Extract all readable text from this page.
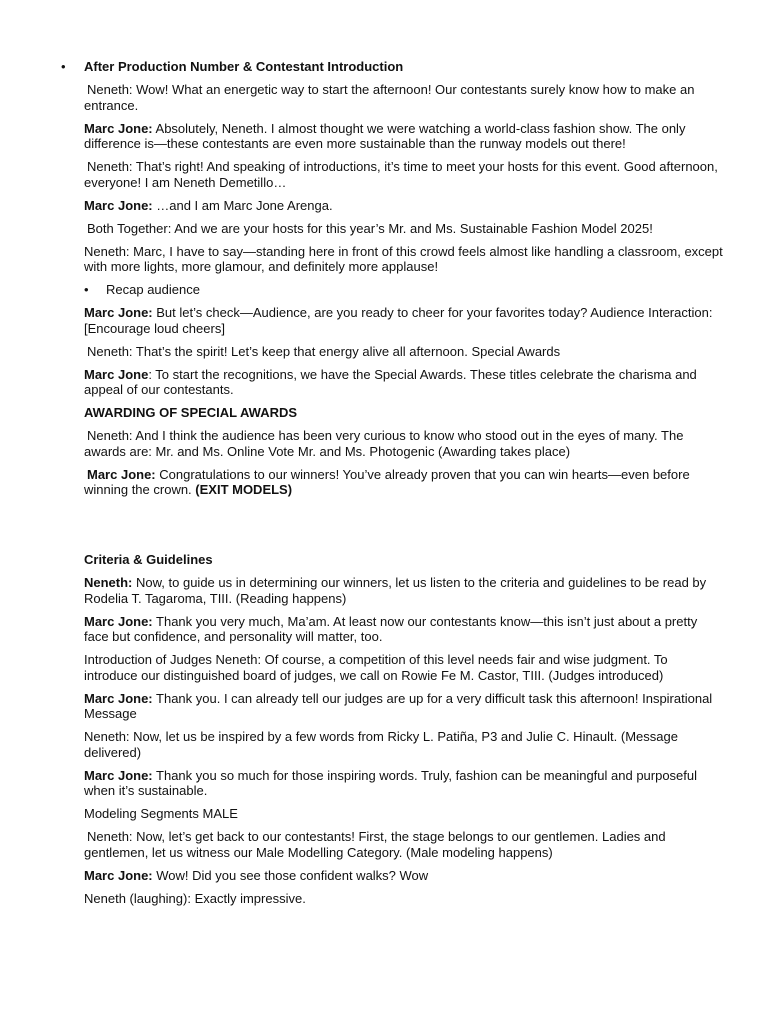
• After Production Number & Contestant Introduction

Neneth: Wow! What an energetic way to start the afternoon! Our contestants surely know how to make an entrance.

Marc Jone: Absolutely, Neneth. I almost thought we were watching a world-class fashion show. The only difference is—these contestants are even more sustainable than the runway models out there!

Neneth: That’s right! And speaking of introductions, it’s time to meet your hosts for this event. Good afternoon, everyone! I am Neneth Demetillo…

Marc Jone: …and I am Marc Jone Arenga.

Both Together: And we are your hosts for this year’s Mr. and Ms. Sustainable Fashion Model 2025!

Neneth: Marc, I have to say—standing here in front of this crowd feels almost like handling a classroom, except with more lights, more glamour, and definitely more applause!

• Recap audience

Marc Jone: But let’s check—Audience, are you ready to cheer for your favorites today? Audience Interaction: [Encourage loud cheers]

Neneth: That’s the spirit! Let’s keep that energy alive all afternoon. Special Awards

Marc Jone: To start the recognitions, we have the Special Awards. These titles celebrate the charisma and appeal of our contestants.

AWARDING OF SPECIAL AWARDS

Neneth: And I think the audience has been very curious to know who stood out in the eyes of many. The awards are: Mr. and Ms. Online Vote Mr. and Ms. Photogenic (Awarding takes place)

Marc Jone: Congratulations to our winners! You’ve already proven that you can win hearts—even before winning the crown. (EXIT MODELS)

Criteria & Guidelines

Neneth: Now, to guide us in determining our winners, let us listen to the criteria and guidelines to be read by Rodelia T. Tagaroma, TIII. (Reading happens)

Marc Jone: Thank you very much, Ma’am. At least now our contestants know—this isn’t just about a pretty face but confidence, and personality will matter, too.

Introduction of Judges Neneth: Of course, a competition of this level needs fair and wise judgment. To introduce our distinguished board of judges, we call on Rowie Fe M. Castor, TIII. (Judges introduced)

Marc Jone: Thank you. I can already tell our judges are up for a very difficult task this afternoon! Inspirational Message

Neneth: Now, let us be inspired by a few words from Ricky L. Patiña, P3 and Julie C. Hinault. (Message delivered)

Marc Jone: Thank you so much for those inspiring words. Truly, fashion can be meaningful and purposeful when it’s sustainable.

Modeling Segments MALE

Neneth: Now, let’s get back to our contestants! First, the stage belongs to our gentlemen. Ladies and gentlemen, let us witness our Male Modelling Category. (Male modeling happens)

Marc Jone: Wow! Did you see those confident walks? Wow

Neneth (laughing): Exactly impressive.
